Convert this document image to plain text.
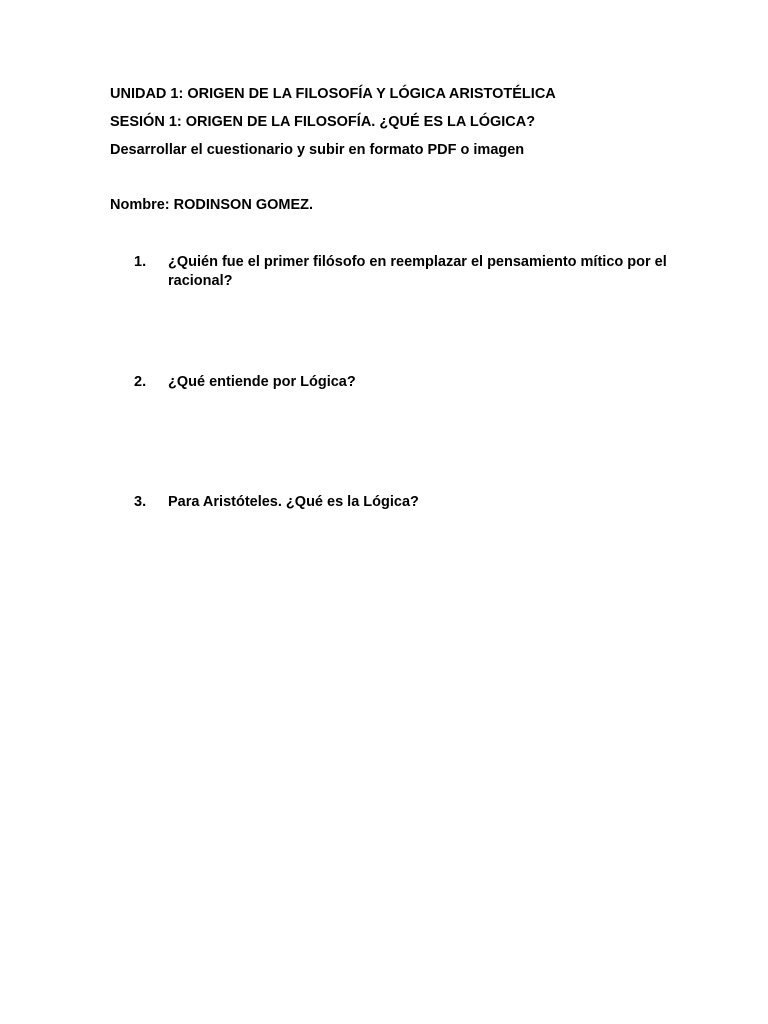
UNIDAD 1: ORIGEN DE LA FILOSOFÍA Y LÓGICA ARISTOTÉLICA
SESIÓN 1: ORIGEN DE LA FILOSOFÍA. ¿QUÉ ES LA LÓGICA?
Desarrollar el cuestionario y subir en formato PDF o imagen
Nombre: RODINSON GOMEZ.
1.	¿Quién fue el primer filósofo en reemplazar el pensamiento mítico por el racional?
2.	¿Qué entiende por Lógica?
3.	Para Aristóteles. ¿Qué es la Lógica?
